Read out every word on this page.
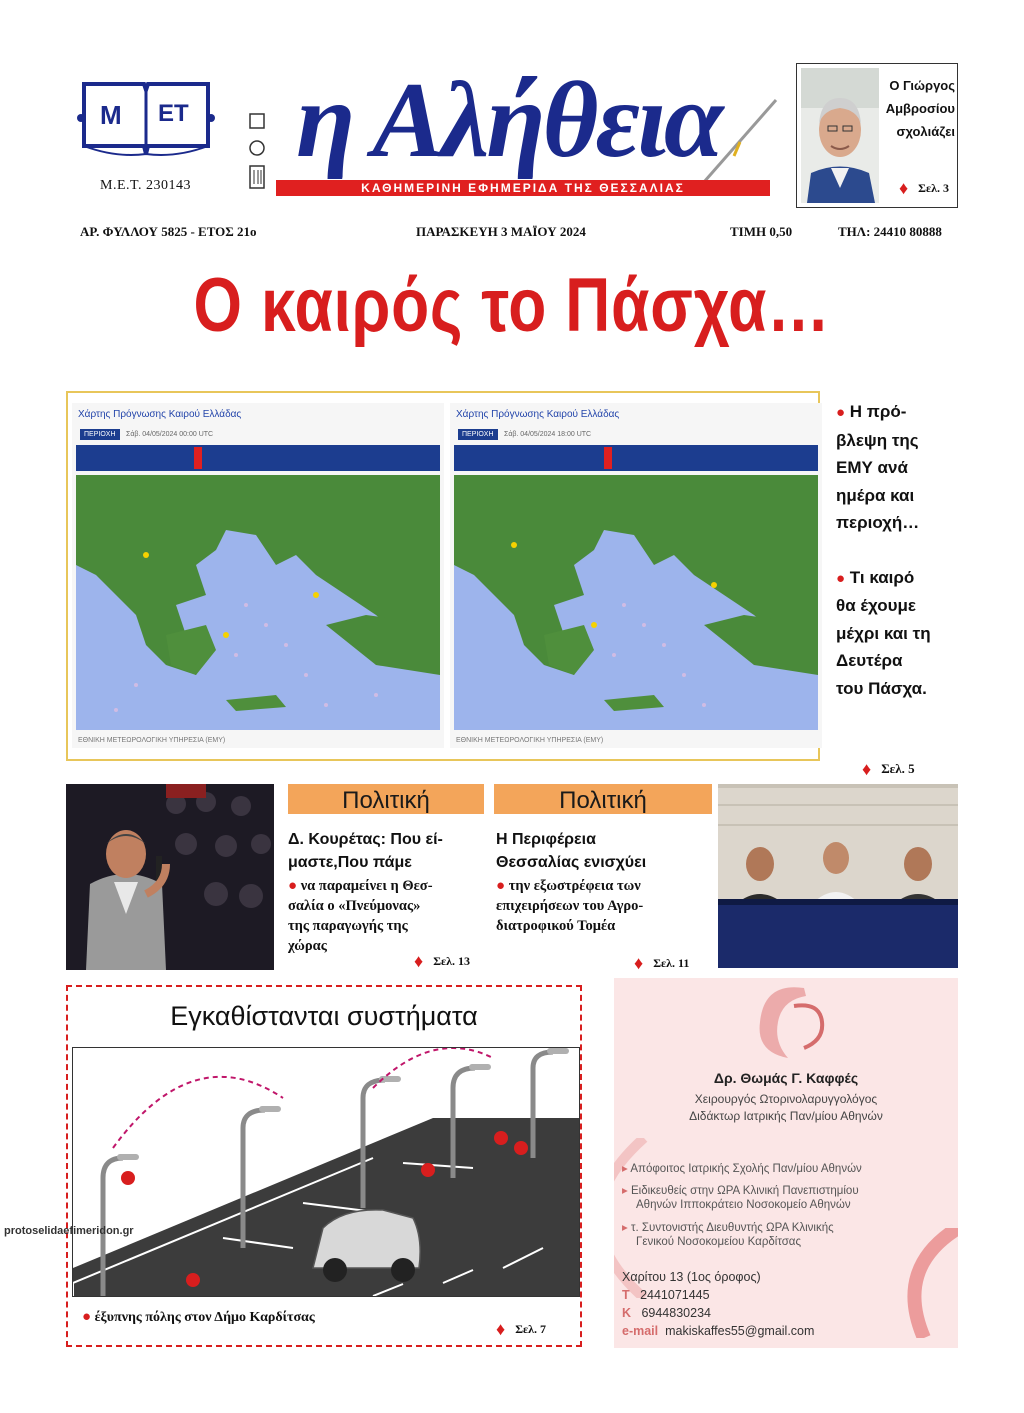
Μ ΕΤ
Μ.Ε.Τ. 230143
η Αλήθεια
ΚΑΘΗΜΕΡΙΝΗ ΕΦΗΜΕΡΙΔΑ ΤΗΣ ΘΕΣΣΑΛΙΑΣ
Ο Γιώργος
Αμβροσίου
σχολιάζει
♦ Σελ. 3
ΑΡ. ΦΥΛΛΟΥ 5825 - ΕΤΟΣ 21ο	ΠΑΡΑΣΚΕΥΗ 3 ΜΑΪΟΥ 2024	ΤΙΜΗ 0,50	ΤΗΛ: 24410 80888
Ο καιρός το Πάσχα…
Χάρτης Πρόγνωσης Καιρού Ελλάδας
ΠΕΡΙΟΧΗ	Σάβ. 04/05/2024 00:00 UTC
ΕΘΝΙΚΗ ΜΕΤΕΩΡΟΛΟΓΙΚΗ ΥΠΗΡΕΣΙΑ (ΕΜΥ)
Χάρτης Πρόγνωσης Καιρού Ελλάδας
ΠΕΡΙΟΧΗ	Σάβ. 04/05/2024 18:00 UTC
ΕΘΝΙΚΗ ΜΕΤΕΩΡΟΛΟΓΙΚΗ ΥΠΗΡΕΣΙΑ (ΕΜΥ)
● Η πρό-
βλεψη της
ΕΜΥ ανά
ημέρα και
περιοχή…
● Τι καιρό
θα έχουμε
μέχρι και τη
Δευτέρα
του Πάσχα.
♦ Σελ. 5
Πολιτική
Δ. Κουρέτας: Που εί-
μαστε,Που πάμε
● να παραμείνει η Θεσ-
σαλία ο «Πνεύμονας»
της παραγωγής της
χώρας
♦ Σελ. 13
Πολιτική
Η Περιφέρεια
Θεσσαλίας ενισχύει
● την εξωστρέφεια των
επιχειρήσεων του Αγρο-
διατροφικού Τομέα
♦ Σελ. 11
Εγκαθίστανται συστήματα
● έξυπνης πόλης στον Δήμο Καρδίτσας
♦ Σελ. 7
Δρ. Θωμάς Γ. Καφφές
Χειρουργός Ωτορινολαρυγγολόγος
Διδάκτωρ Ιατρικής Παν/μίου Αθηνών
▸ Απόφοιτος Ιατρικής Σχολής Παν/μίου Αθηνών
▸ Ειδικευθείς στην ΩΡΑ Κλινική Πανεπιστημίου
Αθηνών Ιπποκράτειο Νοσοκομείο Αθηνών
▸ τ. Συντονιστής Διευθυντής ΩΡΑ Κλινικής
Γενικού Νοσοκομείου Καρδίτσας
Χαρίτου 13 (1ος όροφος)
Τ 2441071445
Κ 6944830234
e-mail makiskaffes55@gmail.com
protoselidaefimeridon.gr
